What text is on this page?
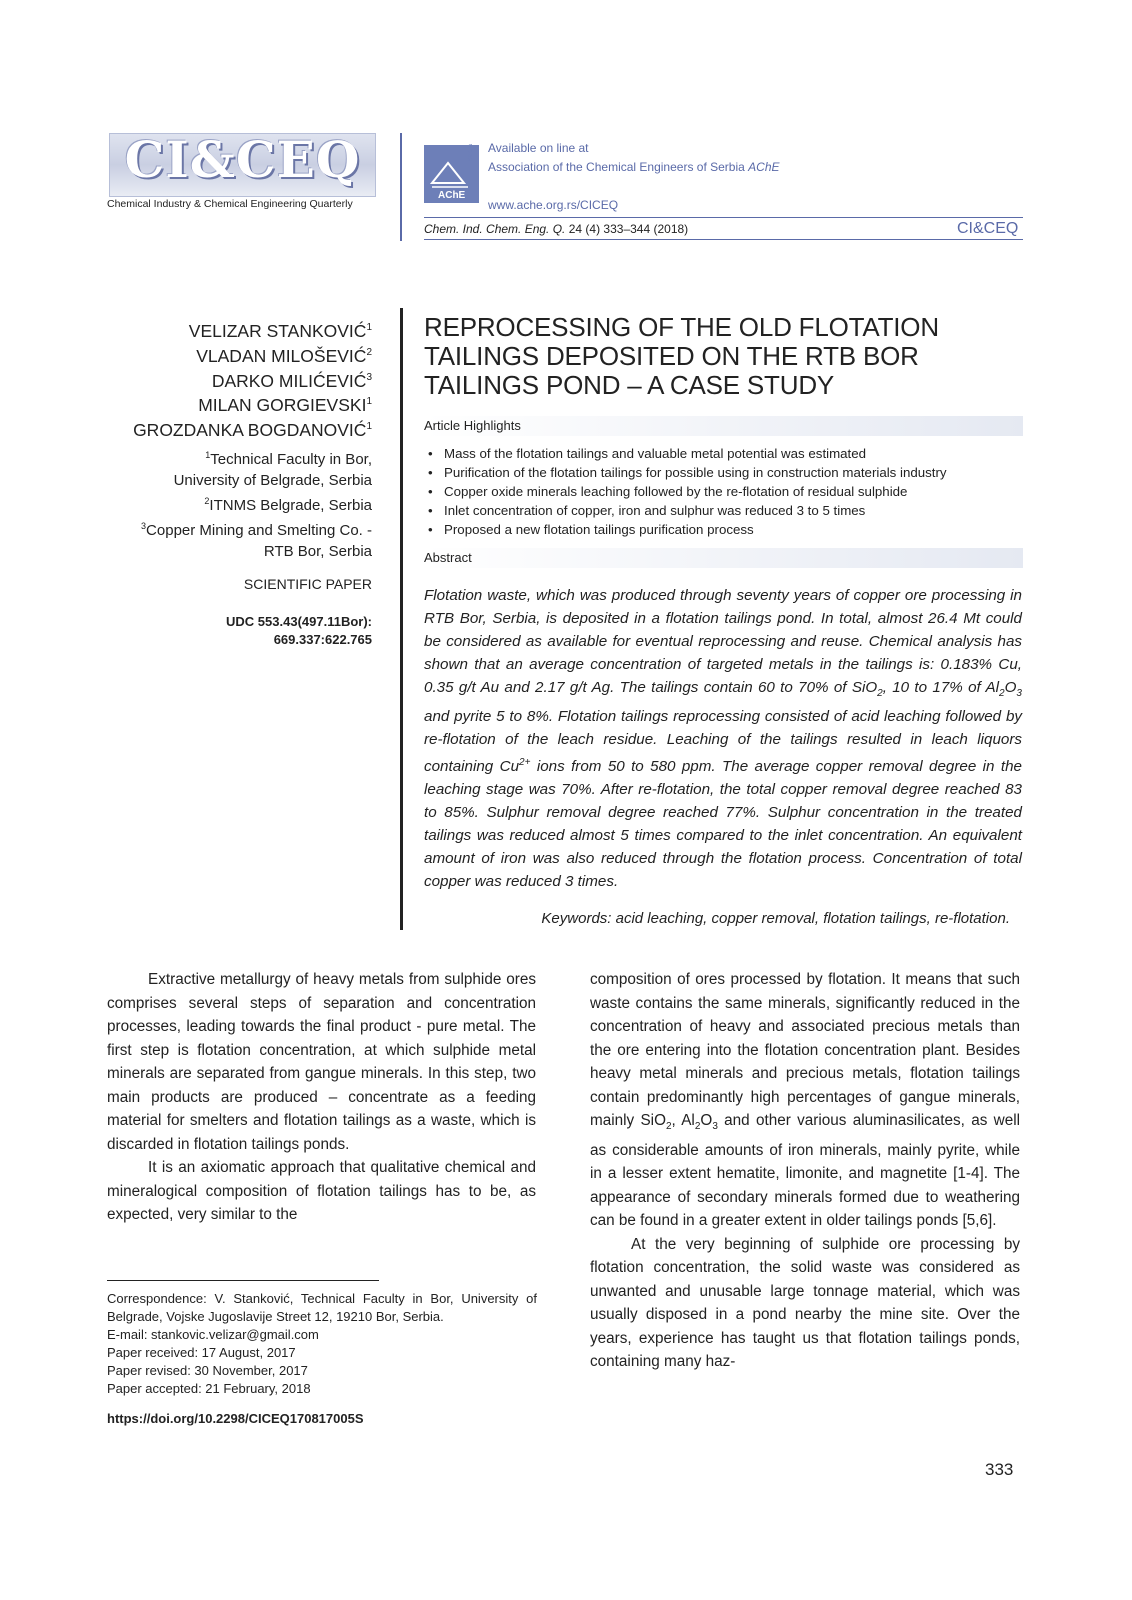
CI&CEQ
Chemical Industry & Chemical Engineering Quarterly
AChE
Serbia Available on line at
Association of the Chemical Engineers of Serbia AChE
www.ache.org.rs/CICEQ
Chem. Ind. Chem. Eng. Q. 24 (4) 333–344 (2018)	CI&CEQ
VELIZAR STANKOVIĆ$^1$
VLADAN MILOŠEVIĆ$^2$
DARKO MILIĆEVIĆ$^3$
MILAN GORGIEVSKI$^1$
GROZDANKA BOGDANOVIĆ$^1$
$^1$Technical Faculty in Bor,
University of Belgrade, Serbia
$^2$ITNMS Belgrade, Serbia
$^3$Copper Mining and Smelting Co. -
RTB Bor, Serbia
SCIENTIFIC PAPER
UDC 553.43(497.11Bor):
669.337:622.765
REPROCESSING OF THE OLD FLOTATION
TAILINGS DEPOSITED ON THE RTB BOR
TAILINGS POND – A CASE STUDY
Article Highlights
• Mass of the flotation tailings and valuable metal potential was estimated
• Purification of the flotation tailings for possible using in construction materials industry
• Copper oxide minerals leaching followed by the re-flotation of residual sulphide
• Inlet concentration of copper, iron and sulphur was reduced 3 to 5 times
• Proposed a new flotation tailings purification process
Abstract
Flotation waste, which was produced through seventy years of copper ore processing in RTB Bor, Serbia, is deposited in a flotation tailings pond. In total, almost 26.4 Mt could be considered as available for eventual reprocessing and reuse. Chemical analysis has shown that an average concentration of targeted metals in the tailings is: 0.183% Cu, 0.35 g/t Au and 2.17 g/t Ag. The tailings contain 60 to 70% of SiO$_2$, 10 to 17% of $Al_2O_3$ and pyrite 5 to 8%. Flotation tailings reprocessing consisted of acid leaching followed by re-flotation of the leach residue. Leaching of the tailings resulted in leach liquors containing $Cu^{2+}$ ions from 50 to 580 ppm. The average copper removal degree in the leaching stage was 70%. After re-flotation, the total copper removal degree reached 83 to 85%. Sulphur removal degree reached 77%. Sulphur concentration in the treated tailings was reduced almost 5 times compared to the inlet concentration. An equivalent amount of iron was also reduced through the flotation process. Concentration of total copper was reduced 3 times.
Keywords: acid leaching, copper removal, flotation tailings, re-flotation.

Extractive metallurgy of heavy metals from sulphide ores comprises several steps of separation and concentration processes, leading towards the final product - pure metal. The first step is flotation concentration, at which sulphide metal minerals are separated from gangue minerals. In this step, two main products are produced – concentrate as a feeding material for smelters and flotation tailings as a waste, which is discarded in flotation tailings ponds.

It is an axiomatic approach that qualitative chemical and mineralogical composition of flotation tailings has to be, as expected, very similar to the

composition of ores processed by flotation. It means that such waste contains the same minerals, significantly reduced in the concentration of heavy and associated precious metals than the ore entering into the flotation concentration plant. Besides heavy metal minerals and precious metals, flotation tailings contain predominantly high percentages of gangue minerals, mainly SiO$_2$, $Al_2O_3$ and other various aluminasilicates, as well as considerable amounts of iron minerals, mainly pyrite, while in a lesser extent hematite, limonite, and magnetite [1-4]. The appearance of secondary minerals formed due to weathering can be found in a greater extent in older tailings ponds [5,6].

At the very beginning of sulphide ore processing by flotation concentration, the solid waste was considered as unwanted and unusable large tonnage material, which was usually disposed in a pond nearby the mine site. Over the years, experience has taught us that flotation tailings ponds, containing many haz-

Correspondence: V. Stanković, Technical Faculty in Bor, University of Belgrade, Vojske Jugoslavije Street 12, 19210 Bor, Serbia.
E-mail: stankovic.velizar@gmail.com
Paper received: 17 August, 2017
Paper revised: 30 November, 2017
Paper accepted: 21 February, 2018
https://doi.org/10.2298/CICEQ170817005S
333
